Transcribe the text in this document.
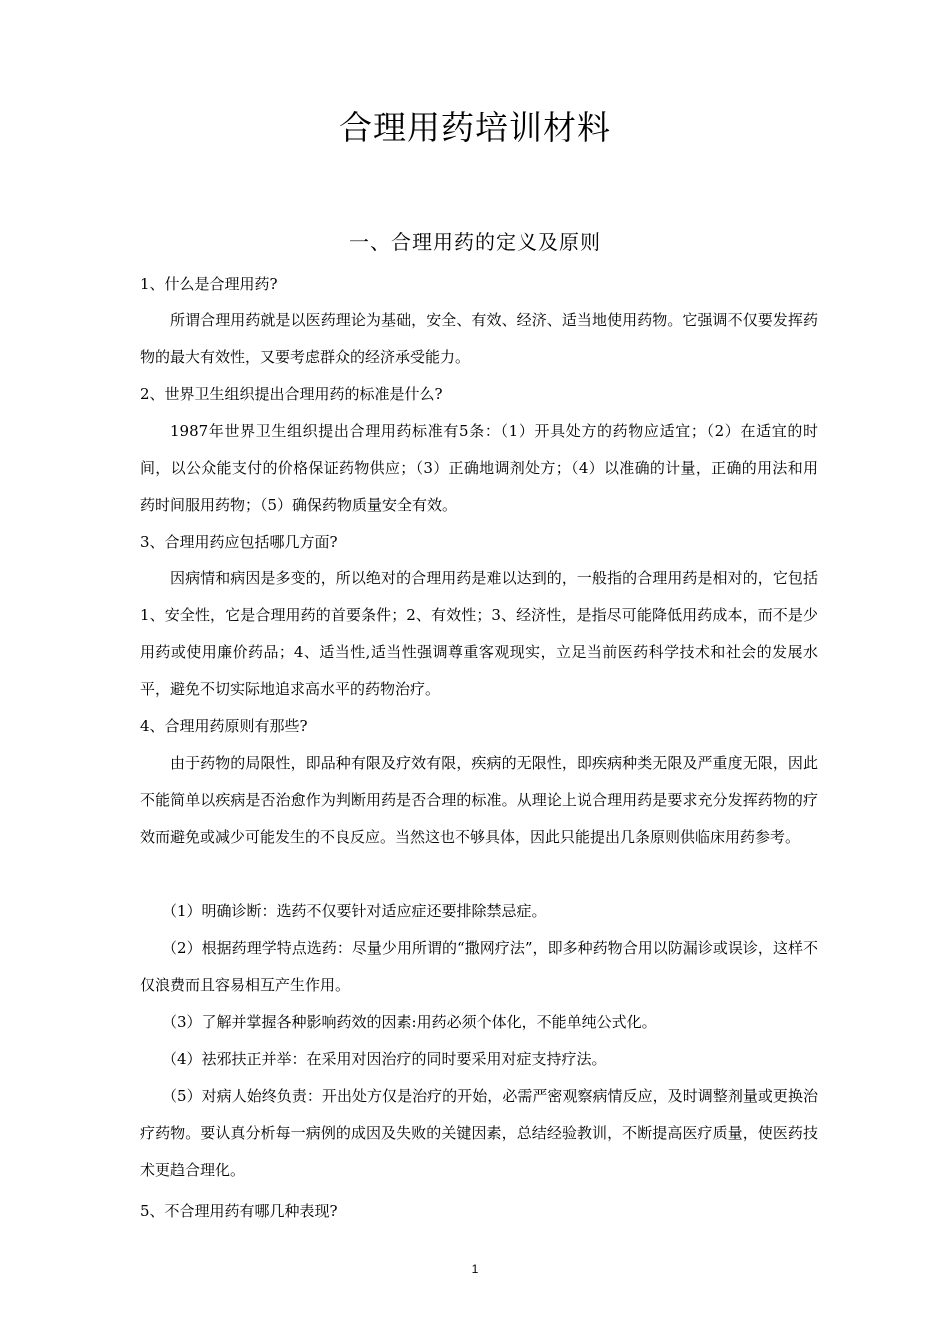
合理用药培训材料
一、合理用药的定义及原则
1、什么是合理用药?
所谓合理用药就是以医药理论为基础，安全、有效、经济、适当地使用药物。它强调不仅要发挥药物的最大有效性，又要考虑群众的经济承受能力。
2、世界卫生组织提出合理用药的标准是什么?
1987年世界卫生组织提出合理用药标准有5条：（1）开具处方的药物应适宜；（2）在适宜的时间，以公众能支付的价格保证药物供应；（3）正确地调剂处方；（4）以准确的计量，正确的用法和用药时间服用药物；（5）确保药物质量安全有效。
3、合理用药应包括哪几方面?
因病情和病因是多变的，所以绝对的合理用药是难以达到的，一般指的合理用药是相对的，它包括1、安全性，它是合理用药的首要条件；2、有效性；3、经济性，是指尽可能降低用药成本，而不是少用药或使用廉价药品；4、适当性,适当性强调尊重客观现实，立足当前医药科学技术和社会的发展水平，避免不切实际地追求高水平的药物治疗。
4、合理用药原则有那些?
由于药物的局限性，即品种有限及疗效有限，疾病的无限性，即疾病种类无限及严重度无限，因此不能简单以疾病是否治愈作为判断用药是否合理的标准。从理论上说合理用药是要求充分发挥药物的疗效而避免或减少可能发生的不良反应。当然这也不够具体，因此只能提出几条原则供临床用药参考。
（1）明确诊断：选药不仅要针对适应症还要排除禁忌症。
（2）根据药理学特点选药：尽量少用所谓的“撒网疗法”，即多种药物合用以防漏诊或误诊，这样不仅浪费而且容易相互产生作用。
（3）了解并掌握各种影响药效的因素:用药必须个体化，不能单纯公式化。
（4）祛邪扶正并举：在采用对因治疗的同时要采用对症支持疗法。
（5）对病人始终负责：开出处方仅是治疗的开始，必需严密观察病情反应，及时调整剂量或更换治疗药物。要认真分析每一病例的成因及失败的关键因素，总结经验教训，不断提高医疗质量，使医药技术更趋合理化。
5、不合理用药有哪几种表现?
1
